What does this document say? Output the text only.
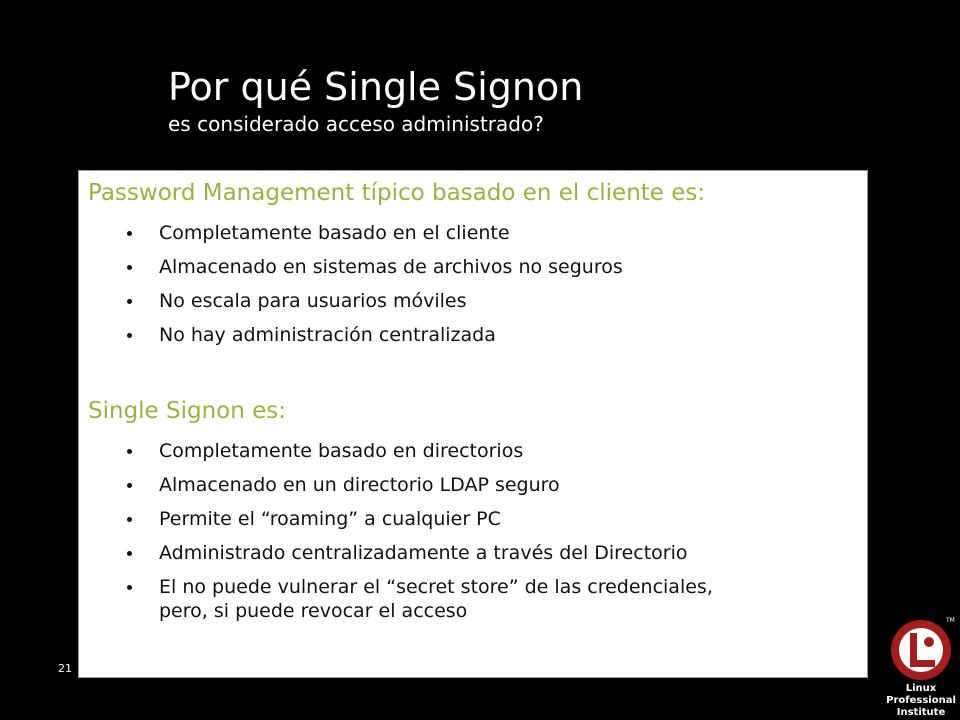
Por qué Single Signon
es considerado acceso administrado?
Password Management típico basado en el cliente es:
Completamente basado en el cliente
Almacenado en sistemas de archivos no seguros
No escala para usuarios móviles
No hay administración centralizada
Single Signon es:
Completamente basado en directorios
Almacenado en un directorio LDAP seguro
Permite el “roaming” a cualquier PC
Administrado centralizadamente a través del Directorio
El no puede vulnerar el “secret store” de las credenciales, pero, si puede revocar el acceso
21
TM
Linux
Professional
Institute
